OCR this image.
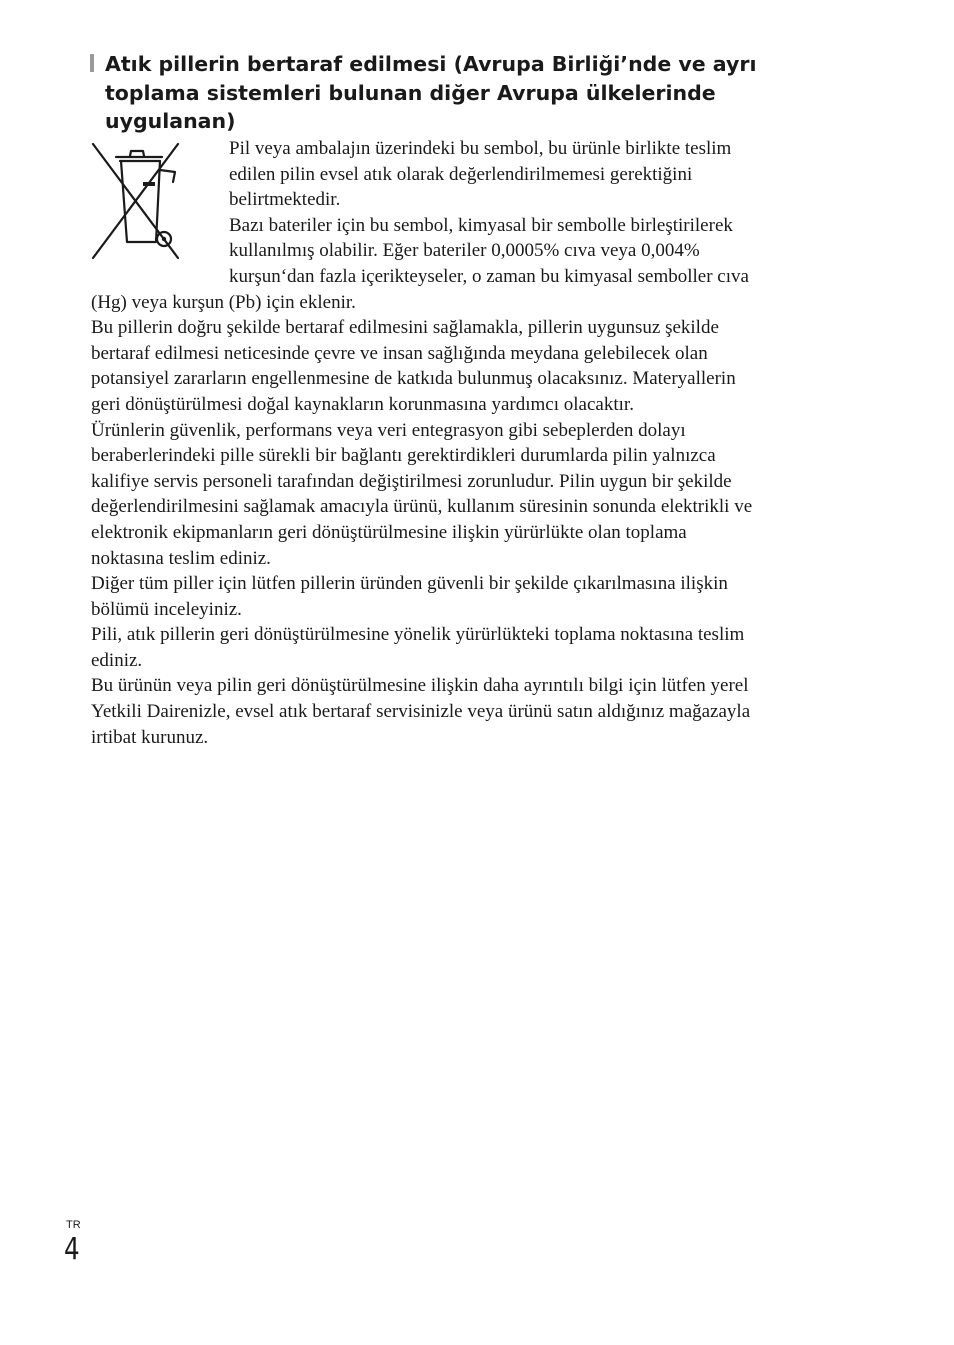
Atık pillerin bertaraf edilmesi (Avrupa Birliği’nde ve ayrı
toplama sistemleri bulunan diğer Avrupa ülkelerinde
uygulanan)
Pil veya ambalajın üzerindeki bu sembol, bu ürünle birlikte teslim
edilen pilin evsel atık olarak değerlendirilmemesi gerektiğini
belirtmektedir.
Bazı bateriler için bu sembol, kimyasal bir sembolle birleştirilerek
kullanılmış olabilir. Eğer bateriler 0,0005% cıva veya 0,004%
kurşun‘dan fazla içerikteyseler, o zaman bu kimyasal semboller cıva
(Hg) veya kurşun (Pb) için eklenir.
Bu pillerin doğru şekilde bertaraf edilmesini sağlamakla, pillerin uygunsuz şekilde
bertaraf edilmesi neticesinde çevre ve insan sağlığında meydana gelebilecek olan
potansiyel zararların engellenmesine de katkıda bulunmuş olacaksınız. Materyallerin
geri dönüştürülmesi doğal kaynakların korunmasına yardımcı olacaktır.
Ürünlerin güvenlik, performans veya veri entegrasyon gibi sebeplerden dolayı
beraberlerindeki pille sürekli bir bağlantı gerektirdikleri durumlarda pilin yalnızca
kalifiye servis personeli tarafından değiştirilmesi zorunludur. Pilin uygun bir şekilde
değerlendirilmesini sağlamak amacıyla ürünü, kullanım süresinin sonunda elektrikli ve
elektronik ekipmanların geri dönüştürülmesine ilişkin yürürlükte olan toplama
noktasına teslim ediniz.
Diğer tüm piller için lütfen pillerin üründen güvenli bir şekilde çıkarılmasına ilişkin
bölümü inceleyiniz.
Pili, atık pillerin geri dönüştürülmesine yönelik yürürlükteki toplama noktasına teslim
ediniz.
Bu ürünün veya pilin geri dönüştürülmesine ilişkin daha ayrıntılı bilgi için lütfen yerel
Yetkili Dairenizle, evsel atık bertaraf servisinizle veya ürünü satın aldığınız mağazayla
irtibat kurunuz.
TR
4
